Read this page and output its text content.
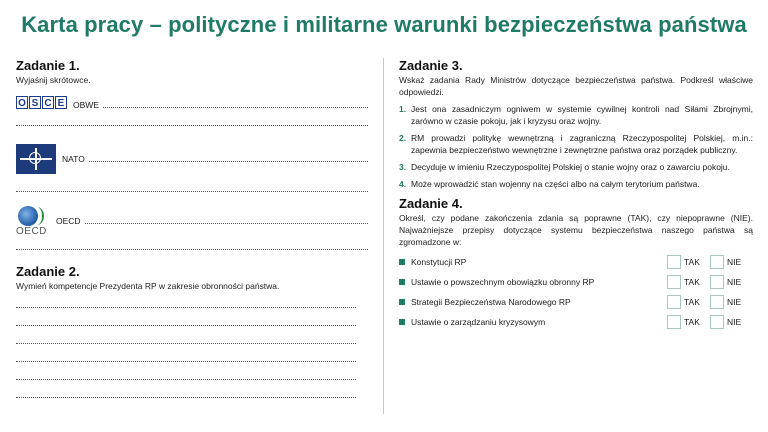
Karta pracy – polityczne i militarne warunki bezpieczeństwa państwa
Zadanie 1.
Wyjaśnij skrótowce.
O S C E	OBWE
NATO
OECD
OECD
Zadanie 2.
Wymień kompetencje Prezydenta RP w zakresie obronności państwa.
Zadanie 3.
Wskaż zadania Rady Ministrów dotyczące bezpieczeństwa państwa. Podkreśl właściwe odpowiedzi.
1. Jest ona zasadniczym ogniwem w systemie cywilnej kontroli nad Siłami Zbrojnymi, zarówno w czasie pokoju, jak i kryzysu oraz wojny.
2. RM prowadzi politykę wewnętrzną i zagraniczną Rzeczypospolitej Polskiej, m.in.: zapewnia bezpieczeństwo wewnętrzne i zewnętrzne państwa oraz porządek publiczny.
3. Decyduje w imieniu Rzeczypospolitej Polskiej o stanie wojny oraz o zawarciu pokoju.
4. Może wprowadzić stan wojenny na części albo na całym terytorium państwa.
Zadanie 4.
Określ, czy podane zakończenia zdania są poprawne (TAK), czy niepoprawne (NIE). Najważniejsze przepisy dotyczące systemu bezpieczeństwa naszego państwa są zgromadzone w:
Konstytucji RP	TAK	NIE
Ustawie o powszechnym obowiązku obronny RP	TAK	NIE
Strategii Bezpieczeństwa Narodowego RP	TAK	NIE
Ustawie o zarządzaniu kryzysowym	TAK	NIE
